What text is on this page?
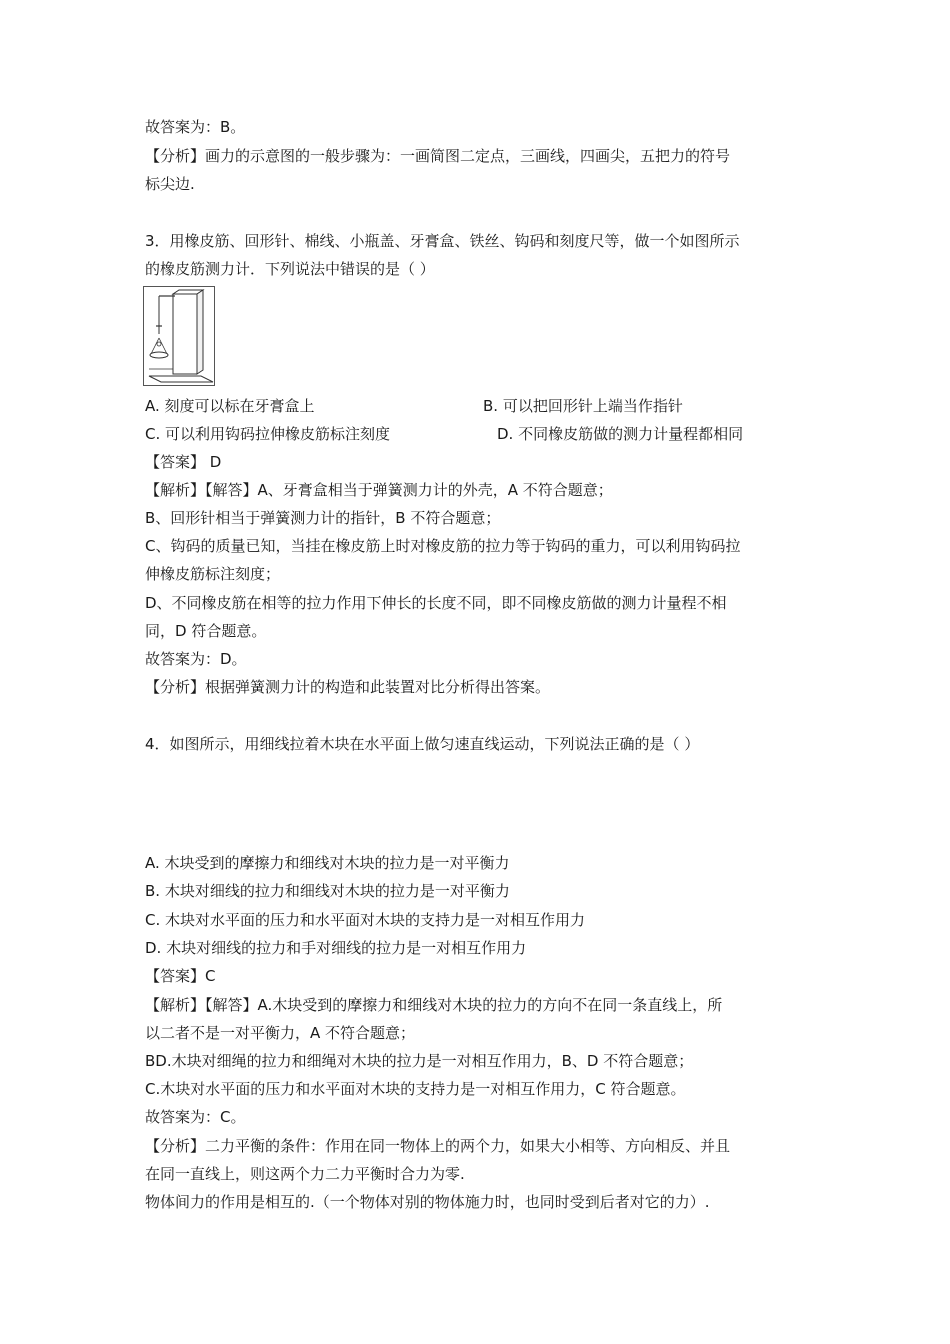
故答案为：B。
【分析】画力的示意图的一般步骤为：一画简图二定点，三画线，四画尖，五把力的符号
标尖边.
3．用橡皮筋、回形针、棉线、小瓶盖、牙膏盒、铁丝、钩码和刻度尺等，做一个如图所示
的橡皮筋测力计．下列说法中错误的是（ ）
A. 刻度可以标在牙膏盒上	B. 可以把回形针上端当作指针
C. 可以利用钩码拉伸橡皮筋标注刻度	D. 不同橡皮筋做的测力计量程都相同
【答案】 D
【解析】【解答】A、牙膏盒相当于弹簧测力计的外壳，A 不符合题意；
B、回形针相当于弹簧测力计的指针，B 不符合题意；
C、钩码的质量已知，当挂在橡皮筋上时对橡皮筋的拉力等于钩码的重力，可以利用钩码拉
伸橡皮筋标注刻度；
D、不同橡皮筋在相等的拉力作用下伸长的长度不同，即不同橡皮筋做的测力计量程不相
同，D 符合题意。
故答案为：D。
【分析】根据弹簧测力计的构造和此装置对比分析得出答案。
4．如图所示，用细线拉着木块在水平面上做匀速直线运动，下列说法正确的是（ ）
A. 木块受到的摩擦力和细线对木块的拉力是一对平衡力
B. 木块对细线的拉力和细线对木块的拉力是一对平衡力
C. 木块对水平面的压力和水平面对木块的支持力是一对相互作用力
D. 木块对细线的拉力和手对细线的拉力是一对相互作用力
【答案】C
【解析】【解答】A.木块受到的摩擦力和细线对木块的拉力的方向不在同一条直线上，所
以二者不是一对平衡力，A 不符合题意；
BD.木块对细绳的拉力和细绳对木块的拉力是一对相互作用力，B、D 不符合题意；
C.木块对水平面的压力和水平面对木块的支持力是一对相互作用力，C 符合题意。
故答案为：C。
【分析】二力平衡的条件：作用在同一物体上的两个力，如果大小相等、方向相反、并且
在同一直线上，则这两个力二力平衡时合力为零.
物体间力的作用是相互的.（一个物体对别的物体施力时，也同时受到后者对它的力）.
